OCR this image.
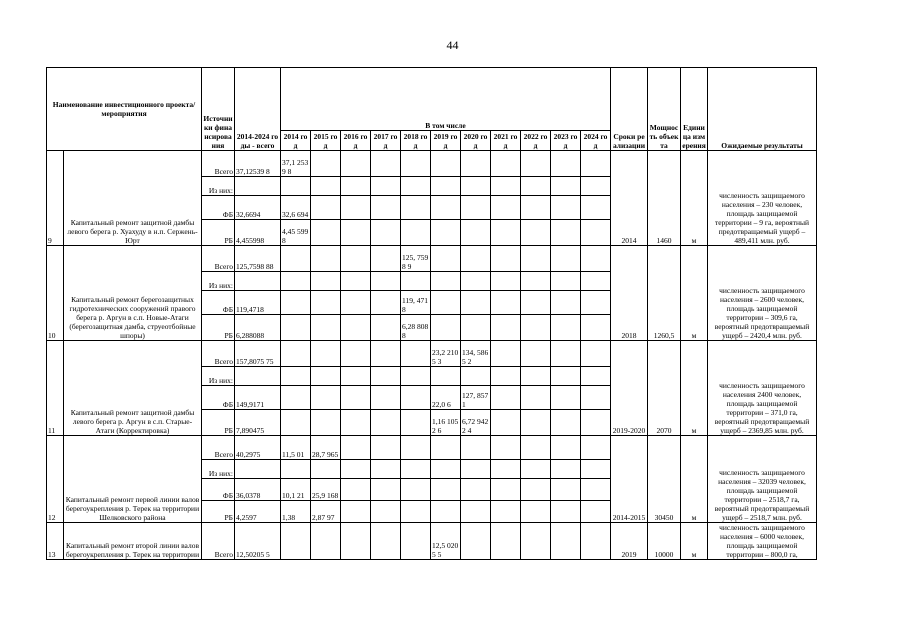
44
Наименование инвестиционного проекта/мероприятия		Источники финансирования	2014-2024 годы - всего	В том числе											Сроки реализации	Мощность объекта	Единица измерения	Ожидаемые результаты
				2014 год	2015 год	2016 год	2017 год	2018 год	2019 год	2020 год	2021 год	2022 год	2023 год	2024 год				
9	Капитальный ремонт защитной дамбы левого берега р. Хуахуду в н.п. Сержень-Юрт	Всего	37,12539 8	37,1 2539 8											2014	1460	м	численность защищаемого населения – 230 человек, площадь защищаемой территории – 9 га, вероятный предотвращаемый ущерб – 489,411 млн. руб.
		Из них:																
		ФБ	32,6694	32,6 694														
		РБ	4,455998	4,45 5998														
10	Капитальный ремонт берегозащитных гидротехнических сооружений правого берега р. Аргун в с.п. Новые-Атаги (берегозащитная дамба, струеотбойные шпоры)	Всего	125,7598 88					125, 7598 9							2018	1260,5	м	численность защищаемого населения – 2600 человек, площадь защищаемой территории – 309,6 га, вероятный предотвращаемый ущерб – 2420,4 млн. руб.
		Из них:																
		ФБ	119,4718					119, 4718										
		РБ	6,288088					6,28 8088										
11	Капитальный ремонт защитной дамбы левого берега р. Аргун в с.п. Старые-Атаги (Корректировка)	Всего	157,8075 75						23,2 2105 3	134, 5865 2					2019-2020	2070	м	численность защищаемого населения 2400 человек, площадь защищаемой территории – 371,0 га, вероятный предотвращаемый ущерб – 2369,85 млн. руб.
		Из них:																
		ФБ	149,9171						22,0 6	127, 8571								
		РБ	7,890475						1,16 1052 6	6,72 9422 4								
12	Капитальный ремонт первой линии валов берегоукрепления р. Терек на территории Шелковского района	Всего	40,2975	11,5 01	28,7 965										2014-2015	30450	м	численность защищаемого населения – 32039 человек, площадь защищаемой территории – 2518,7 га, вероятный предотвращаемый ущерб – 2518,7 млн. руб.
		Из них:																
		ФБ	36,0378	10,1 21	25,9 168													
		РБ	4,2597	1,38	2,87 97													
13	Капитальный ремонт второй линии валов берегоукрепления р. Терек на территории	Всего	12,50205 5						12,5 0205 5						2019	10000	м	численность защищаемого населения – 6000 человек, площадь защищаемой территории – 800,0 га,
